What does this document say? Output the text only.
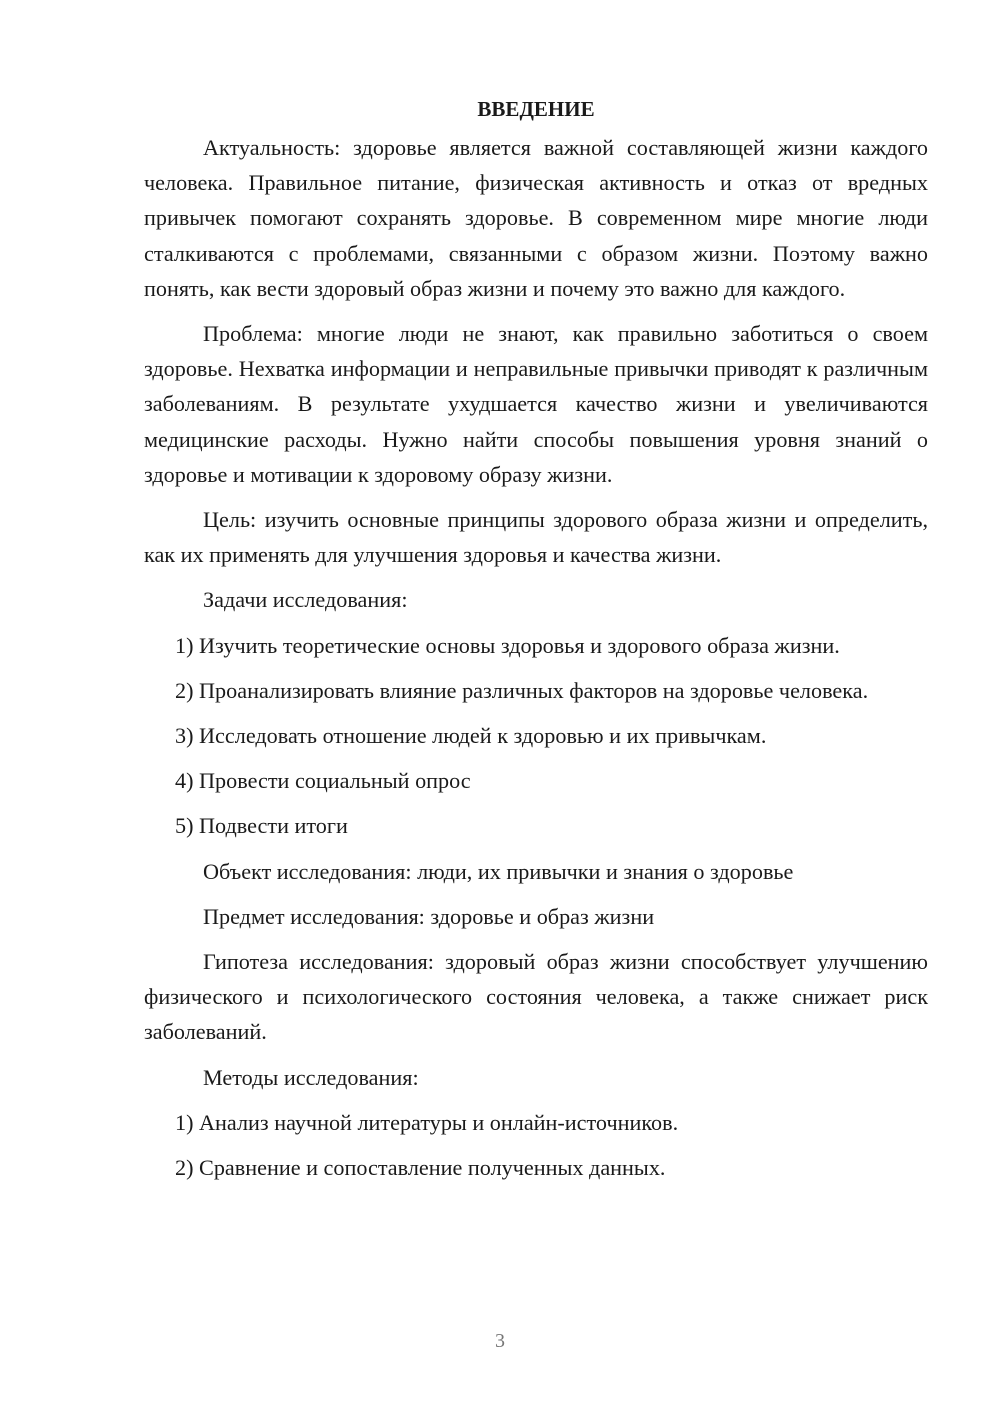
ВВЕДЕНИЕ

Актуальность: здоровье является важной составляющей жизни каждого человека. Правильное питание, физическая активность и отказ от вредных привычек помогают сохранять здоровье. В современном мире многие люди сталкиваются с проблемами, связанными с образом жизни. Поэтому важно понять, как вести здоровый образ жизни и почему это важно для каждого.

Проблема: многие люди не знают, как правильно заботиться о своем здоровье. Нехватка информации и неправильные привычки приводят к различным заболеваниям. В результате ухудшается качество жизни и увеличиваются медицинские расходы. Нужно найти способы повышения уровня знаний о здоровье и мотивации к здоровому образу жизни.

Цель: изучить основные принципы здорового образа жизни и определить, как их применять для улучшения здоровья и качества жизни.

Задачи исследования:

1) Изучить теоретические основы здоровья и здорового образа жизни.

2) Проанализировать влияние различных факторов на здоровье человека.

3) Исследовать отношение людей к здоровью и их привычкам.

4) Провести социальный опрос

5) Подвести итоги

Объект исследования: люди, их привычки и знания о здоровье

Предмет исследования: здоровье и образ жизни

Гипотеза исследования: здоровый образ жизни способствует улучшению физического и психологического состояния человека, а также снижает риск заболеваний.

Методы исследования:

1) Анализ научной литературы и онлайн-источников.

2) Сравнение и сопоставление полученных данных.

3
